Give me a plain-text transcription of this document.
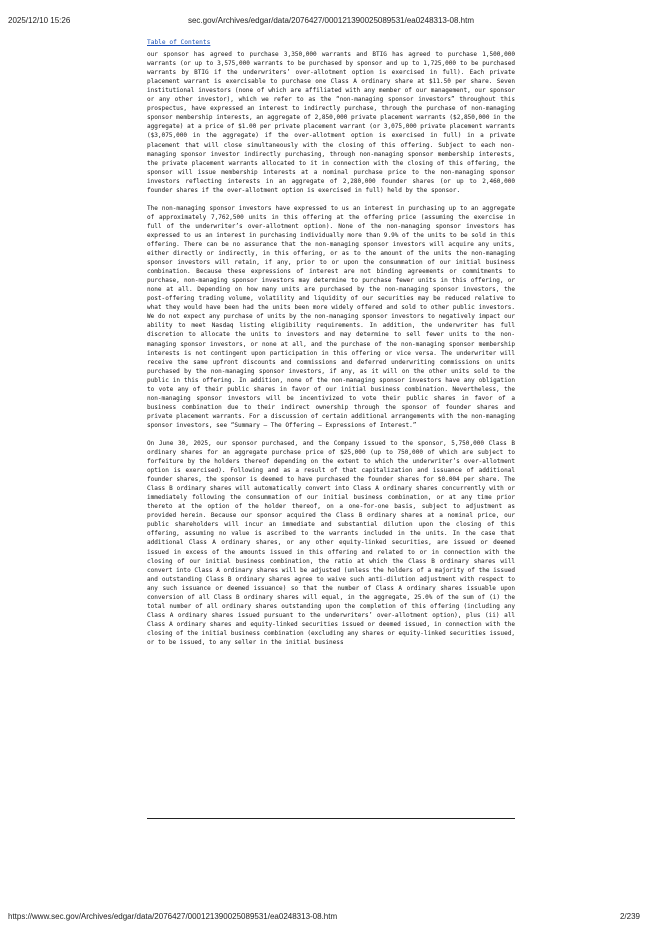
2025/12/10 15:26	sec.gov/Archives/edgar/data/2076427/000121390025089531/ea0248313-08.htm
Table of Contents

our sponsor has agreed to purchase 3,350,000 warrants and BTIG has agreed to purchase 1,500,000 warrants (or up to 3,575,000 warrants to be purchased by sponsor and up to 1,725,000 to be purchased warrants by BTIG if the underwriters’ over-allotment option is exercised in full). Each private placement warrant is exercisable to purchase one Class A ordinary share at $11.50 per share. Seven institutional investors (none of which are affiliated with any member of our management, our sponsor or any other investor), which we refer to as the “non-managing sponsor investors” throughout this prospectus, have expressed an interest to indirectly purchase, through the purchase of non-managing sponsor membership interests, an aggregate of 2,850,000 private placement warrants ($2,850,000 in the aggregate) at a price of $1.00 per private placement warrant (or 3,075,000 private placement warrants ($3,075,000 in the aggregate) if the over-allotment option is exercised in full) in a private placement that will close simultaneously with the closing of this offering. Subject to each non-managing sponsor investor indirectly purchasing, through non-managing sponsor membership interests, the private placement warrants allocated to it in connection with the closing of this offering, the sponsor will issue membership interests at a nominal purchase price to the non-managing sponsor investors reflecting interests in an aggregate of 2,280,000 founder shares (or up to 2,460,000 founder shares if the over-allotment option is exercised in full) held by the sponsor.

The non-managing sponsor investors have expressed to us an interest in purchasing up to an aggregate of approximately 7,762,500 units in this offering at the offering price (assuming the exercise in full of the underwriter’s over-allotment option). None of the non-managing sponsor investors has expressed to us an interest in purchasing individually more than 9.9% of the units to be sold in this offering. There can be no assurance that the non-managing sponsor investors will acquire any units, either directly or indirectly, in this offering, or as to the amount of the units the non-managing sponsor investors will retain, if any, prior to or upon the consummation of our initial business combination. Because these expressions of interest are not binding agreements or commitments to purchase, non-managing sponsor investors may determine to purchase fewer units in this offering, or none at all. Depending on how many units are purchased by the non-managing sponsor investors, the post-offering trading volume, volatility and liquidity of our securities may be reduced relative to what they would have been had the units been more widely offered and sold to other public investors. We do not expect any purchase of units by the non-managing sponsor investors to negatively impact our ability to meet Nasdaq listing eligibility requirements. In addition, the underwriter has full discretion to allocate the units to investors and may determine to sell fewer units to the non-managing sponsor investors, or none at all, and the purchase of the non-managing sponsor membership interests is not contingent upon participation in this offering or vice versa. The underwriter will receive the same upfront discounts and commissions and deferred underwriting commissions on units purchased by the non-managing sponsor investors, if any, as it will on the other units sold to the public in this offering. In addition, none of the non-managing sponsor investors have any obligation to vote any of their public shares in favor of our initial business combination. Nevertheless, the non-managing sponsor investors will be incentivized to vote their public shares in favor of a business combination due to their indirect ownership through the sponsor of founder shares and private placement warrants. For a discussion of certain additional arrangements with the non-managing sponsor investors, see “Summary — The Offering — Expressions of Interest.”

On June 30, 2025, our sponsor purchased, and the Company issued to the sponsor, 5,750,000 Class B ordinary shares for an aggregate purchase price of $25,000 (up to 750,000 of which are subject to forfeiture by the holders thereof depending on the extent to which the underwriter’s over-allotment option is exercised). Following and as a result of that capitalization and issuance of additional founder shares, the sponsor is deemed to have purchased the founder shares for $0.004 per share. The Class B ordinary shares will automatically convert into Class A ordinary shares concurrently with or immediately following the consummation of our initial business combination, or at any time prior thereto at the option of the holder thereof, on a one-for-one basis, subject to adjustment as provided herein. Because our sponsor acquired the Class B ordinary shares at a nominal price, our public shareholders will incur an immediate and substantial dilution upon the closing of this offering, assuming no value is ascribed to the warrants included in the units. In the case that additional Class A ordinary shares, or any other equity-linked securities, are issued or deemed issued in excess of the amounts issued in this offering and related to or in connection with the closing of our initial business combination, the ratio at which the Class B ordinary shares will convert into Class A ordinary shares will be adjusted (unless the holders of a majority of the issued and outstanding Class B ordinary shares agree to waive such anti-dilution adjustment with respect to any such issuance or deemed issuance) so that the number of Class A ordinary shares issuable upon conversion of all Class B ordinary shares will equal, in the aggregate, 25.0% of the sum of (i) the total number of all ordinary shares outstanding upon the completion of this offering (including any Class A ordinary shares issued pursuant to the underwriters’ over-allotment option), plus (ii) all Class A ordinary shares and equity-linked securities issued or deemed issued, in connection with the closing of the initial business combination (excluding any shares or equity-linked securities issued, or to be issued, to any seller in the initial business

https://www.sec.gov/Archives/edgar/data/2076427/000121390025089531/ea0248313-08.htm	2/239
